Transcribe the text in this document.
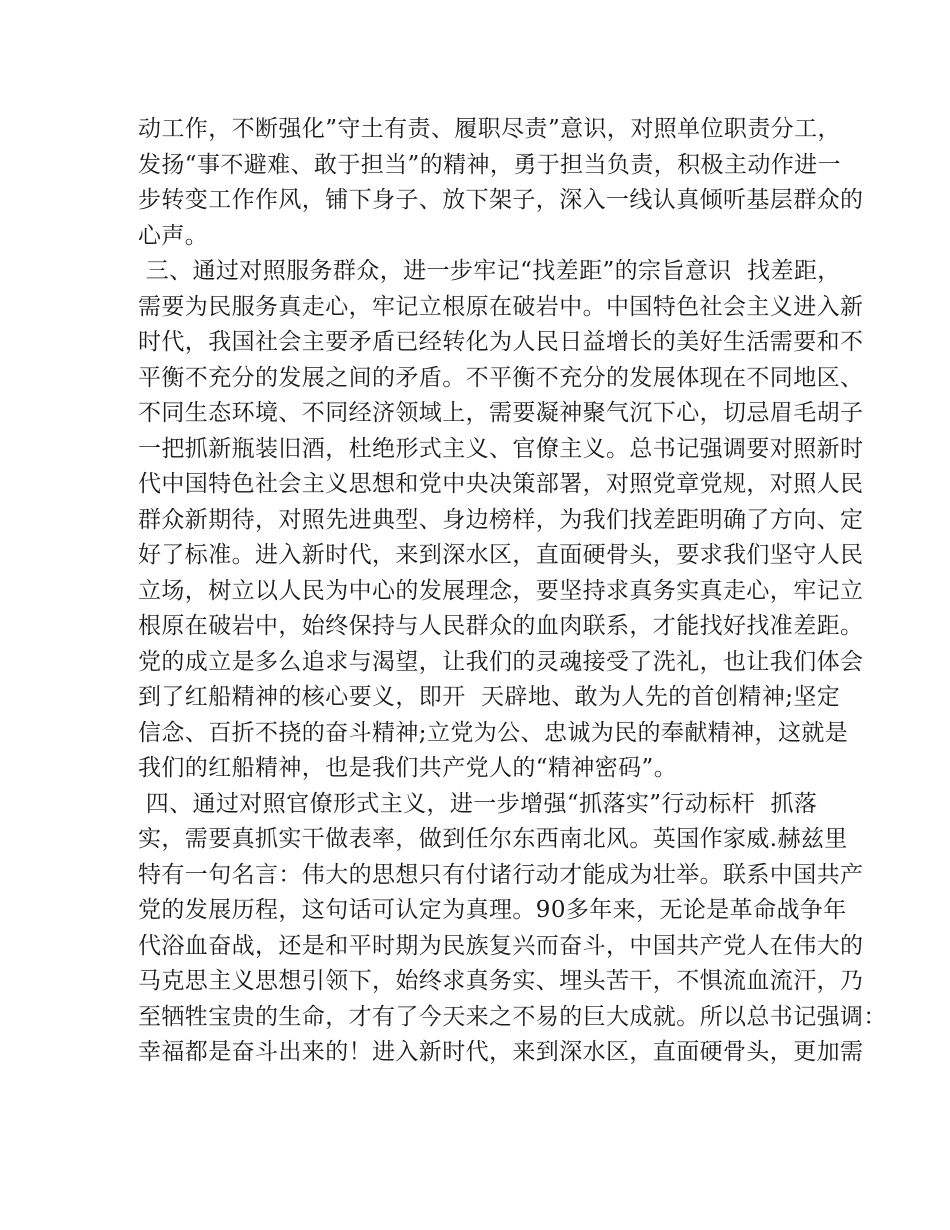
动工作，不断强化”守土有责、履职尽责”意识，对照单位职责分工，
发扬“事不避难、敢于担当”的精神，勇于担当负责，积极主动作进一
步转变工作作风，铺下身子、放下架子，深入一线认真倾听基层群众的
心声。
三、通过对照服务群众，进一步牢记“找差距”的宗旨意识  找差距，
需要为民服务真走心，牢记立根原在破岩中。中国特色社会主义进入新
时代，我国社会主要矛盾已经转化为人民日益增长的美好生活需要和不
平衡不充分的发展之间的矛盾。不平衡不充分的发展体现在不同地区、
不同生态环境、不同经济领域上，需要凝神聚气沉下心，切忌眉毛胡子
一把抓新瓶装旧酒，杜绝形式主义、官僚主义。总书记强调要对照新时
代中国特色社会主义思想和党中央决策部署，对照党章党规，对照人民
群众新期待，对照先进典型、身边榜样，为我们找差距明确了方向、定
好了标准。进入新时代，来到深水区，直面硬骨头，要求我们坚守人民
立场，树立以人民为中心的发展理念，要坚持求真务实真走心，牢记立
根原在破岩中，始终保持与人民群众的血肉联系，才能找好找准差距。
党的成立是多么追求与渴望，让我们的灵魂接受了洗礼，也让我们体会
到了红船精神的核心要义，即开  天辟地、敢为人先的首创精神;坚定
信念、百折不挠的奋斗精神;立党为公、忠诚为民的奉献精神，这就是
我们的红船精神，也是我们共产党人的“精神密码”。
四、通过对照官僚形式主义，进一步增强“抓落实”行动标杆  抓落
实，需要真抓实干做表率，做到任尔东西南北风。英国作家威.赫兹里
特有一句名言：伟大的思想只有付诸行动才能成为壮举。联系中国共产
党的发展历程，这句话可认定为真理。90多年来，无论是革命战争年
代浴血奋战，还是和平时期为民族复兴而奋斗，中国共产党人在伟大的
马克思主义思想引领下，始终求真务实、埋头苦干，不惧流血流汗，乃
至牺牲宝贵的生命，才有了今天来之不易的巨大成就。所以总书记强调：
幸福都是奋斗出来的！进入新时代，来到深水区，直面硬骨头，更加需
